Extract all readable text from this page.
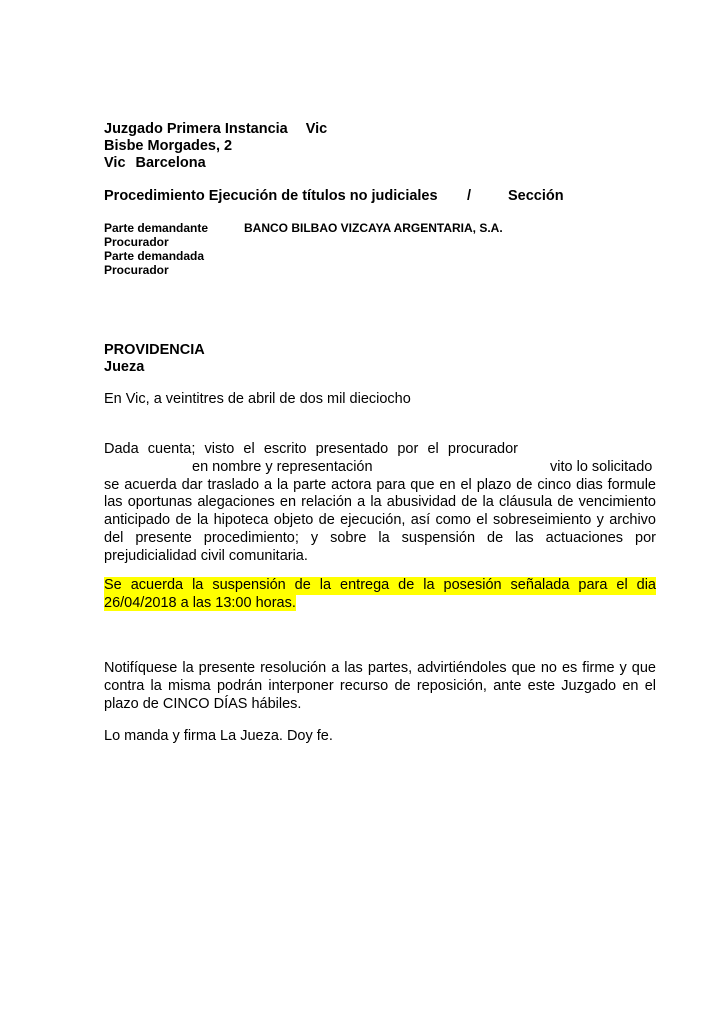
Juzgado Primera Instancia Vic
Bisbe Morgades, 2
Vic Barcelona
Procedimiento Ejecución de títulos no judiciales /	Sección
Parte demandante	BANCO BILBAO VIZCAYA ARGENTARIA, S.A.
Procurador
Parte demandada
Procurador
PROVIDENCIA
Jueza
En Vic, a veintitres de abril de dos mil dieciocho
Dada cuenta; visto el escrito presentado por el procurador
en nombre y representación	vito lo solicitado
se acuerda dar traslado a la parte actora para que en el plazo de cinco dias formule
las oportunas alegaciones en relación a la abusividad de la cláusula de vencimiento
anticipado de la hipoteca objeto de ejecución, así como el sobreseimiento y archivo
del presente procedimiento; y sobre la suspensión de las actuaciones por
prejudicialidad civil comunitaria.
Se acuerda la suspensión de la entrega de la posesión señalada para el dia
26/04/2018 a las 13:00 horas.
Notifíquese la presente resolución a las partes, advirtiéndoles que no es firme y que
contra la misma podrán interponer recurso de reposición, ante este Juzgado en el
plazo de CINCO DÍAS hábiles.
Lo manda y firma La Jueza. Doy fe.
